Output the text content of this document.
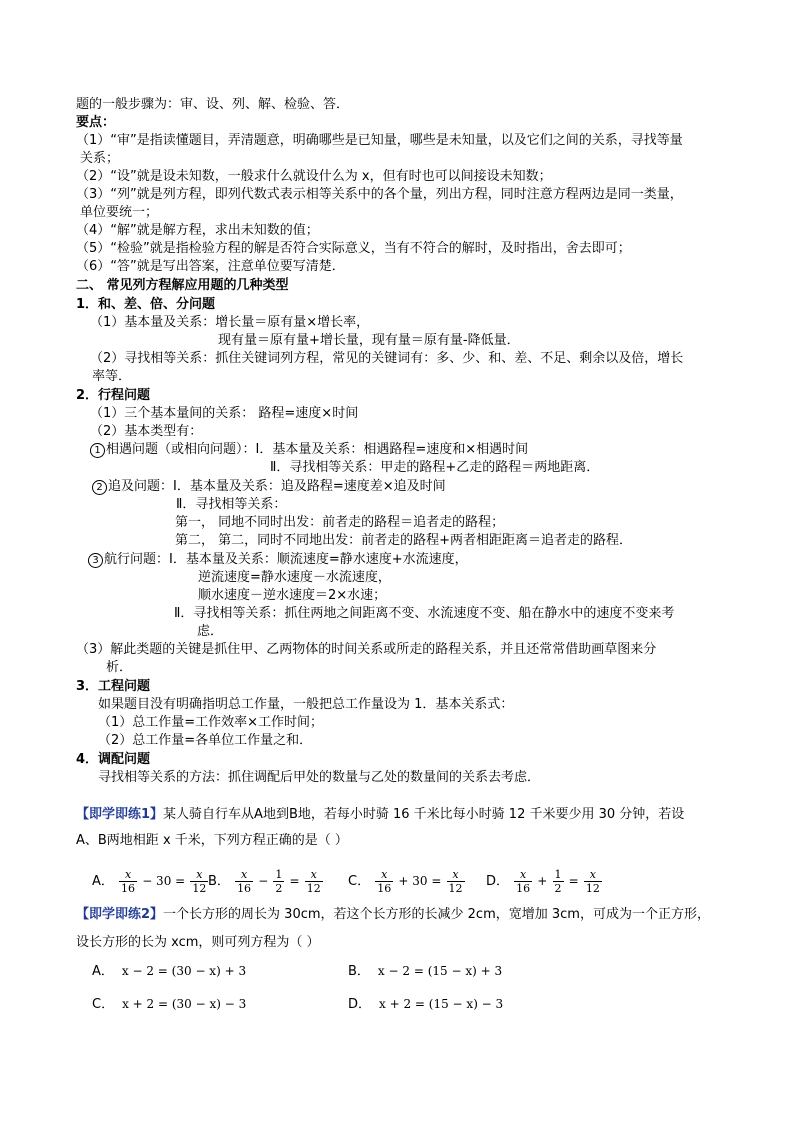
题的一般步骤为：审、设、列、解、检验、答．
要点：
（1）“审”是指读懂题目，弄清题意，明确哪些是已知量，哪些是未知量，以及它们之间的关系，寻找等量
关系；
（2）“设”就是设未知数，一般求什么就设什么为 x，但有时也可以间接设未知数；
（3）“列”就是列方程，即列代数式表示相等关系中的各个量，列出方程，同时注意方程两边是同一类量，
单位要统一；
（4）“解”就是解方程，求出未知数的值；
（5）“检验”就是指检验方程的解是否符合实际意义，当有不符合的解时，及时指出，舍去即可；
（6）“答”就是写出答案，注意单位要写清楚．
二、 常见列方程解应用题的几种类型
1．和、差、倍、分问题
（1）基本量及关系：增长量＝原有量×增长率，
现有量＝原有量+增长量，现有量＝原有量-降低量．
（2）寻找相等关系：抓住关键词列方程，常见的关键词有：多、少、和、差、不足、剩余以及倍，增长
率等．
2．行程问题
（1）三个基本量间的关系： 路程=速度×时间
（2）基本类型有：
1 相遇问题（或相向问题）：Ⅰ．基本量及关系：相遇路程=速度和×相遇时间
Ⅱ．寻找相等关系：甲走的路程+乙走的路程＝两地距离．
2 追及问题：Ⅰ．基本量及关系：追及路程=速度差×追及时间
Ⅱ．寻找相等关系：
第一， 同地不同时出发：前者走的路程＝追者走的路程；
第二， 第二，同时不同地出发：前者走的路程+两者相距距离＝追者走的路程．
3 航行问题：Ⅰ．基本量及关系：顺流速度=静水速度+水流速度，
逆流速度=静水速度－水流速度，
顺水速度－逆水速度＝2×水速；
Ⅱ．寻找相等关系：抓住两地之间距离不变、水流速度不变、船在静水中的速度不变来考
虑．
（3）解此类题的关键是抓住甲、乙两物体的时间关系或所走的路程关系，并且还常常借助画草图来分
析．
3．工程问题
如果题目没有明确指明总工作量，一般把总工作量设为 1．基本关系式：
（1）总工作量=工作效率×工作时间；
（2）总工作量=各单位工作量之和．
4．调配问题
寻找相等关系的方法：抓住调配后甲处的数量与乙处的数量间的关系去考虑．
【即学即练1】某人骑自行车从A地到B地，若每小时骑 16 千米比每小时骑 12 千米要少用 30 分钟，若设
A、B两地相距 x 千米，下列方程正确的是（ ）
A． $\frac{x}{16} - 30 = \frac{x}{12}$ B． $\frac{x}{16} - \frac{1}{2} = \frac{x}{12}$ C． $\frac{x}{16} + 30 = \frac{x}{12}$ D． $\frac{x}{16} + \frac{1}{2} = \frac{x}{12}$
【即学即练2】一个长方形的周长为 30cm，若这个长方形的长减少 2cm，宽增加 3cm，可成为一个正方形，
设长方形的长为 xcm，则可列方程为（ ）
A． x − 2 = (30 − x) + 3	B． x − 2 = (15 − x) + 3
C． x + 2 = (30 − x) − 3	D． x + 2 = (15 − x) − 3
